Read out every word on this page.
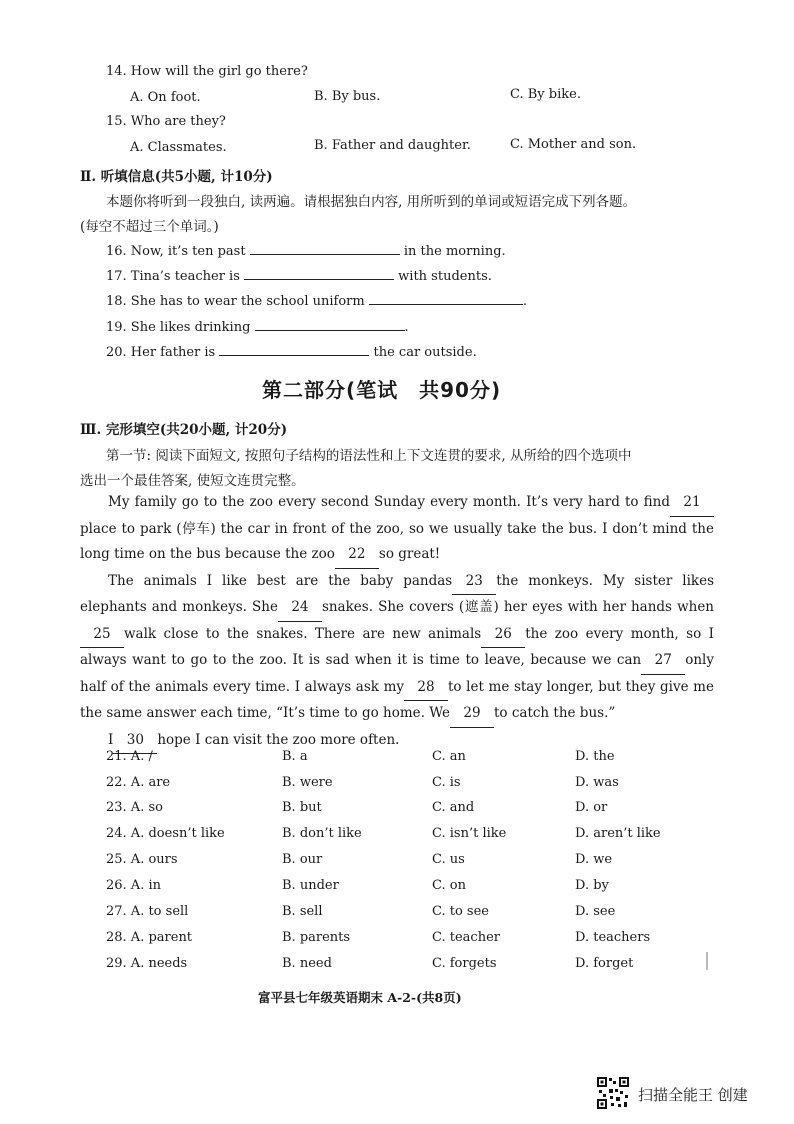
14. How will the girl go there?
A. On foot.	B. By bus.	C. By bike.
15. Who are they?
A. Classmates.	B. Father and daughter.	C. Mother and son.
Ⅱ. 听填信息(共5小题, 计10分)
本题你将听到一段独白, 读两遍。请根据独白内容, 用所听到的单词或短语完成下列各题。
(每空不超过三个单词。)
16. Now, it’s ten past	in the morning.
17. Tina’s teacher is	with students.
18. She has to wear the school uniform	.
19. She likes drinking	.
20. Her father is	the car outside.
第二部分(笔试　共90分)
Ⅲ. 完形填空(共20小题, 计20分)
第一节: 阅读下面短文, 按照句子结构的语法性和上下文连贯的要求, 从所给的四个选项中
选出一个最佳答案, 使短文连贯完整。

My family go to the zoo every second Sunday every month. It’s very hard to find 21place to park (停车) the car in front of the zoo, so we usually take the bus. I don’t mind the long time on the bus because the zoo 22 so great!

The animals I like best are the baby pandas 23 the monkeys. My sister likes elephants and monkeys. She 24 snakes. She covers (遮盖) her eyes with her hands when25 walk close to the snakes. There are new animals 26 the zoo every month, so I always want to go to the zoo. It is sad when it is time to leave, because we can 27 only half of the animals every time. I always ask my 28 to let me stay longer, but they give me the same answer each time, “It’s time to go home. We 29 to catch the bus.”

I 30 hope I can visit the zoo more often.

21. A. /	B. a	C. an	D. the
22. A. are	B. were	C. is	D. was
23. A. so	B. but	C. and	D. or
24. A. doesn’t like	B. don’t like	C. isn’t like	D. aren’t like
25. A. ours	B. our	C. us	D. we
26. A. in	B. under	C. on	D. by
27. A. to sell	B. sell	C. to see	D. see
28. A. parent	B. parents	C. teacher	D. teachers
29. A. needs	B. need	C. forgets	D. forget
富平县七年级英语期末 A-2-(共8页)
扫描全能王 创建
